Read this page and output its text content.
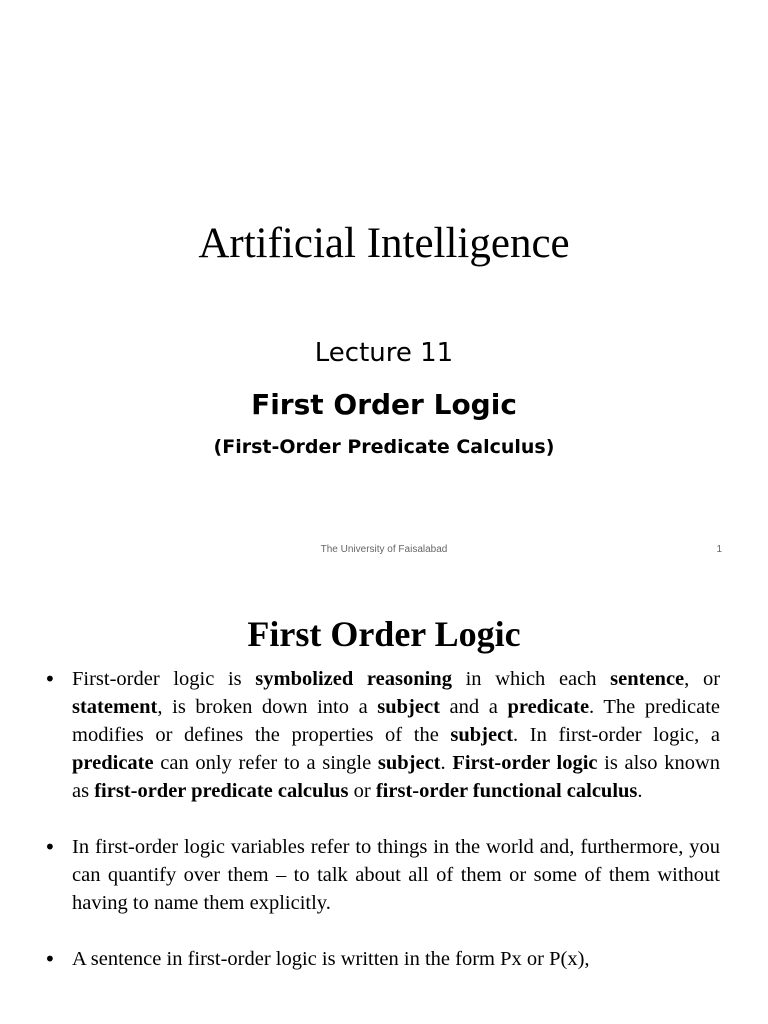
Artificial Intelligence
Lecture 11
First Order Logic
(First-Order Predicate Calculus)
The University of Faisalabad	1
First Order Logic
• First-order logic is symbolized reasoning in which each sentence, or statement, is broken down into a subject and a predicate. The predicate modifies or defines the properties of the subject. In first-order logic, a predicate can only refer to a single subject. First-order logic is also known as first-order predicate calculus or first-order functional calculus.
• In first-order logic variables refer to things in the world and, furthermore, you can quantify over them – to talk about all of them or some of them without having to name them explicitly.
• A sentence in first-order logic is written in the form Px or P(x),
